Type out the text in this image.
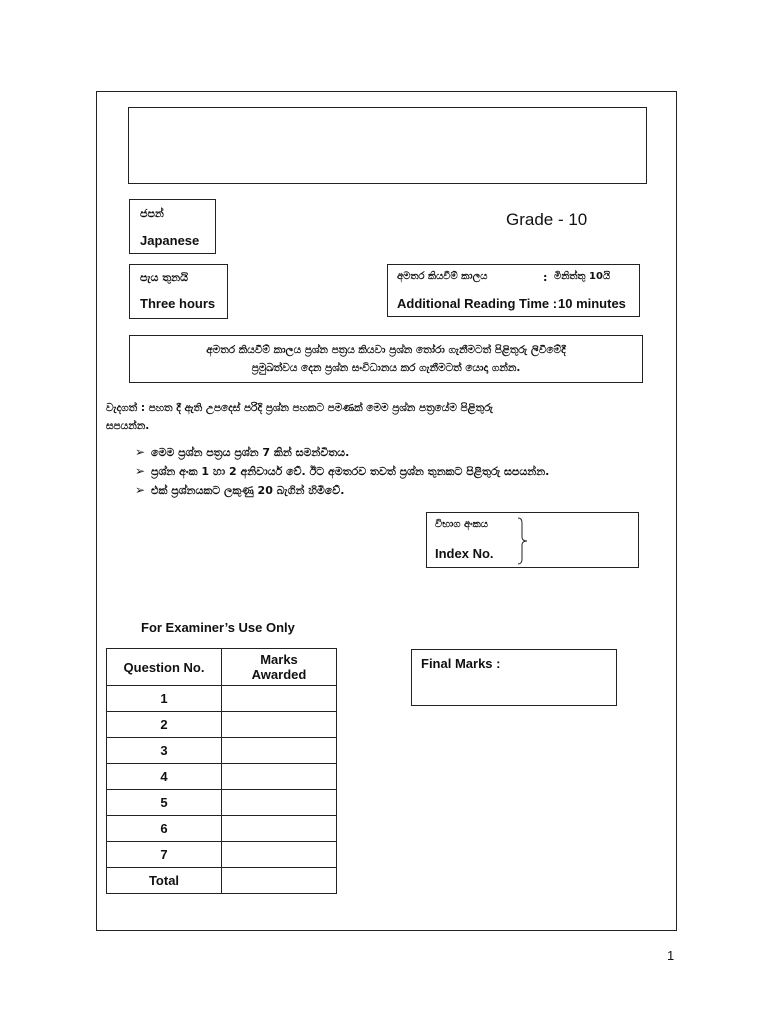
ජපන්
Japanese
Grade - 10
පැය තුනයි
Three hours
අමතර කියවීම් කාලය	: මිනිත්තු 10යි
Additional Reading Time : 10 minutes
අමතර කියවීම් කාලය ප්‍රශ්න පත්‍රය කියවා ප්‍රශ්න තෝරා ගැනීමටත් පිළිතුරු ලිවීමේදී
ප්‍රමුඛත්වය දෙන ප්‍රශ්න සංවිධානය කර ගැනීමටත් යොදා ගන්න.
වැදගත් : පහත දී ඇති උපදෙස් පරිදි ප්‍රශ්න පහකට පමණක් මෙම ප්‍රශ්න පත්‍රයේම පිළිතුරු
සපයන්න.
➢ මෙම ප්‍රශ්න පත්‍රය ප්‍රශ්න 7 කින් සමන්විතය.
➢ ප්‍රශ්න අංක 1 හා 2 අනිවාර්ය වේ. ඊට අමතරව තවත් ප්‍රශ්න තුනකට පිළිතුරු සපයන්න.
➢ එක් ප්‍රශ්නයකට ලකුණු 20 බැගින් හිමිවේ.
විභාග අංකය
Index No.
For Examiner’s Use Only
Question No.	Marks Awarded
1	
2	
3	
4	
5	
6	
7	
Total	
Final Marks :
1
